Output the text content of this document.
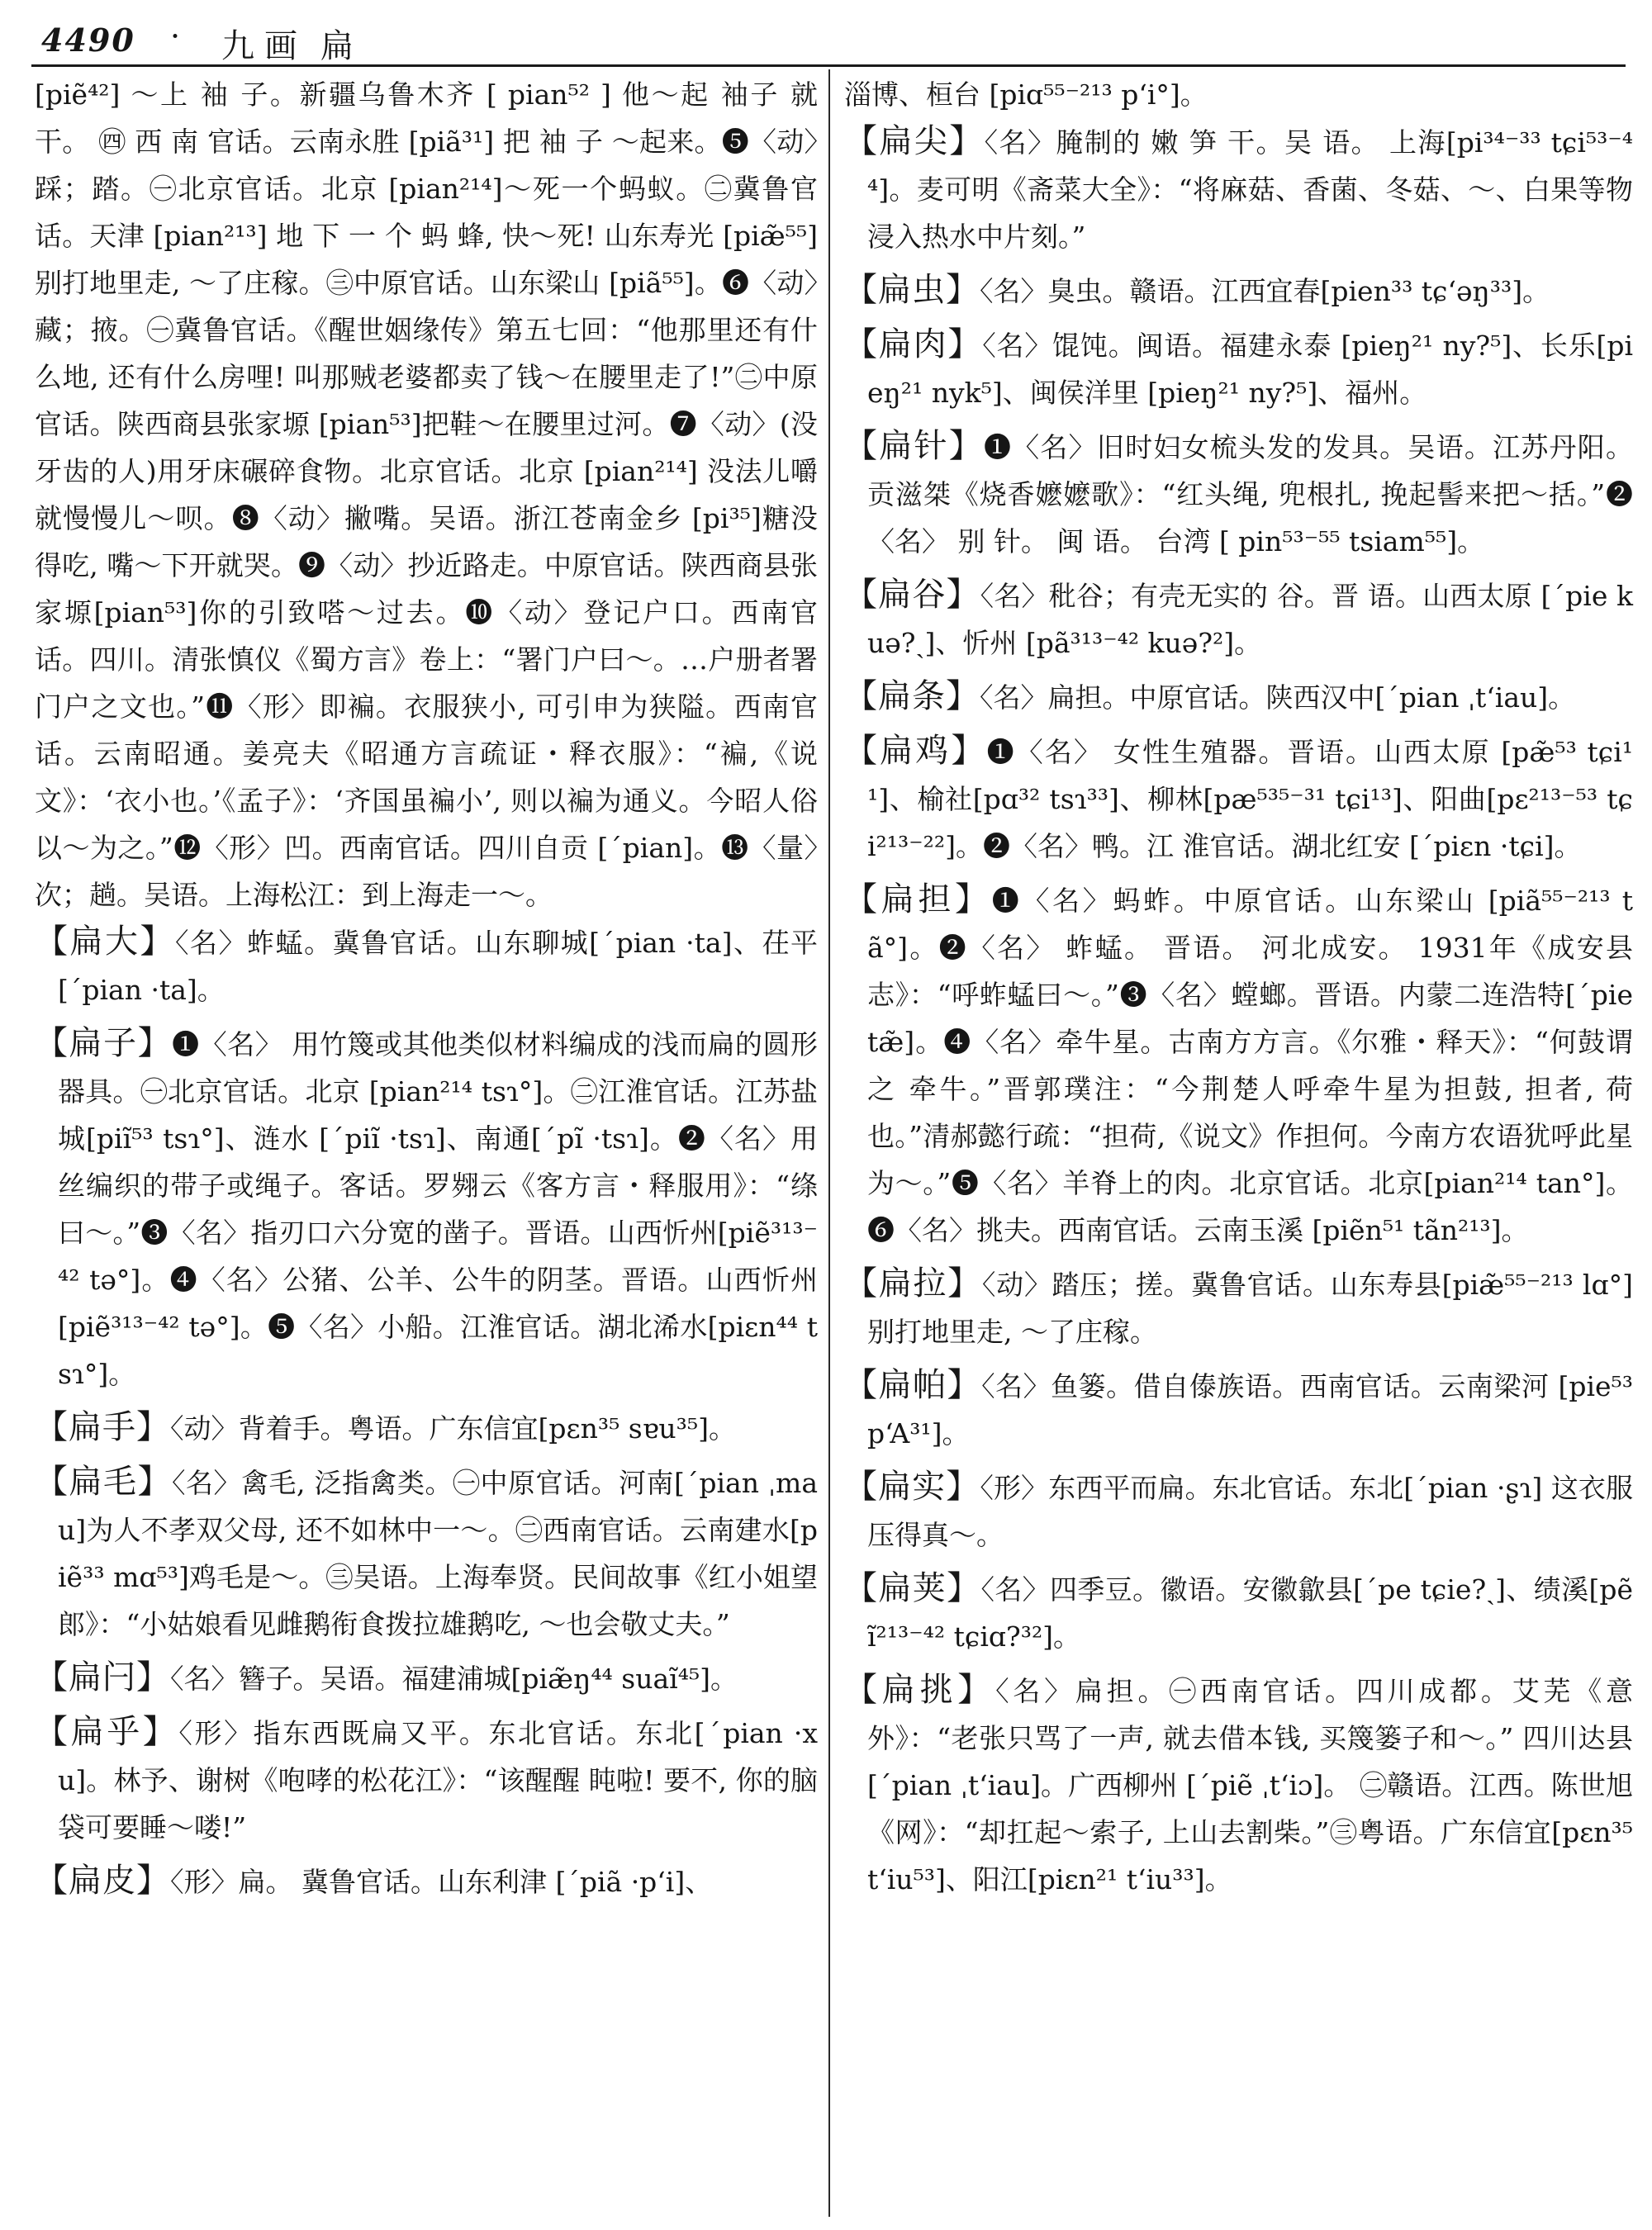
4490 · 九画 扁

[piẽ⁴²] ～上 袖 子。新疆乌鲁木齐 [ pian⁵² ] 他～起 袖子 就 干。 ㊃ 西 南 官话。云南永胜 [piã³¹] 把 袖 子 ～起来。❺〈动〉踩；踏。㊀北京官话。北京 [pian²¹⁴]～死一个蚂蚁。㊁冀鲁官话。天津 [pian²¹³] 地 下 一 个 蚂 蜂, 快～死! 山东寿光 [piæ̃⁵⁵]别打地里走, ～了庄稼。㊂中原官话。山东梁山 [piã⁵⁵]。❻〈动〉藏；掖。㊀冀鲁官话。《醒世姻缘传》第五七回：“他那里还有什么地, 还有什么房哩! 叫那贼老婆都卖了钱～在腰里走了!”㊁中原官话。陕西商县张家塬 [pian⁵³]把鞋～在腰里过河。❼〈动〉(没牙齿的人)用牙床碾碎食物。北京官话。北京 [pian²¹⁴] 没法儿嚼就慢慢儿～呗。❽〈动〉撇嘴。吴语。浙江苍南金乡 [pi³⁵]糖没得吃, 嘴～下开就哭。❾〈动〉抄近路走。中原官话。陕西商县张家塬[pian⁵³]你的引致嗒～过去。❿〈动〉登记户口。西南官话。四川。清张慎仪《蜀方言》卷上：“署门户曰～。…户册者署门户之文也。”⓫〈形〉即褊。衣服狭小, 可引申为狭隘。西南官话。云南昭通。姜亮夫《昭通方言疏证・释衣服》：“褊,《说文》：‘衣小也。’《孟子》：‘齐国虽褊小’, 则以褊为通义。今昭人俗以～为之。”⓬〈形〉凹。西南官话。四川自贡 [ˊpian]。⓭〈量〉次；趟。吴语。上海松江：到上海走一～。

【扁大】〈名〉蚱蜢。冀鲁官话。山东聊城[ˊpian ·ta]、茌平 [ˊpian ·ta]。

【扁子】❶〈名〉 用竹篾或其他类似材料编成的浅而扁的圆形器具。㊀北京官话。北京 [pian²¹⁴ tsɿ°]。㊁江淮官话。江苏盐城[piĩ⁵³ tsɿ°]、涟水 [ˊpiĩ ·tsɿ]、南通[ˊpĩ ·tsɿ]。❷〈名〉用丝编织的带子或绳子。客话。罗翙云《客方言・释服用》：“绦曰～。”❸〈名〉指刃口六分宽的凿子。晋语。山西忻州[piẽ³¹³⁻⁴² tə°]。❹〈名〉公猪、公羊、公牛的阴茎。晋语。山西忻州 [piẽ³¹³⁻⁴² tə°]。❺〈名〉小船。江淮官话。湖北浠水[piɛn⁴⁴ tsɿ°]。

【扁手】〈动〉背着手。粤语。广东信宜[pɛn³⁵ sɐu³⁵]。

【扁毛】〈名〉禽毛, 泛指禽类。㊀中原官话。河南[ˊpian ˌmau]为人不孝双父母, 还不如林中一～。㊁西南官话。云南建水[piẽ³³ mɑ⁵³]鸡毛是～。㊂吴语。上海奉贤。民间故事《红小姐望郎》：“小姑娘看见雌鹅衔食拨拉雄鹅吃, ～也会敬丈夫。”

【扁闩】〈名〉簪子。吴语。福建浦城[piæ̃ŋ⁴⁴ suaĩ⁴⁵]。

【扁乎】〈形〉指东西既扁又平。东北官话。东北[ˊpian ·xu]。林予、谢树《咆哮的松花江》：“该醒醒 盹啦! 要不, 你的脑袋可要睡～喽!”

【扁皮】〈形〉扁。 冀鲁官话。山东利津 [ˊpiã ·pʻi]、

淄博、桓台 [piɑ⁵⁵⁻²¹³ pʻi°]。

【扁尖】〈名〉腌制的 嫩 笋 干。吴 语。 上海[pi³⁴⁻³³ tɕi⁵³⁻⁴⁴]。麦可明《斋菜大全》：“将麻菇、香菌、冬菇、～、白果等物浸入热水中片刻。”

【扁虫】〈名〉臭虫。赣语。江西宜春[pien³³ tɕʻəŋ³³]。

【扁肉】〈名〉馄饨。闽语。福建永泰 [pieŋ²¹ ny?⁵]、长乐[pieŋ²¹ nyk⁵]、闽侯洋里 [pieŋ²¹ ny?⁵]、福州。

【扁针】❶〈名〉旧时妇女梳头发的发具。吴语。江苏丹阳。贡滋桀《烧香嬷嬷歌》：“红头绳, 兜根扎, 挽起髻来把～括。”❷〈名〉 别 针。 闽 语。 台湾 [ pin⁵³⁻⁵⁵ tsiam⁵⁵]。

【扁谷】〈名〉秕谷；有壳无实的 谷。晋 语。山西太原 [ˊpie kuə?ˏ]、忻州 [pã³¹³⁻⁴² kuə?²]。

【扁条】〈名〉扁担。中原官话。陕西汉中[ˊpian ˌtʻiau]。

【扁鸡】❶〈名〉 女性生殖器。晋语。山西太原 [pæ̃⁵³ tɕi¹¹]、榆社[pɑ³² tsɿ³³]、柳林[pæ⁵³⁵⁻³¹ tɕi¹³]、阳曲[pɛ²¹³⁻⁵³ tɕi²¹³⁻²²]。❷〈名〉鸭。江 淮官话。湖北红安 [ˊpiɛn ·tɕi]。

【扁担】❶〈名〉蚂蚱。中原官话。山东梁山 [piã⁵⁵⁻²¹³ tã°]。❷〈名〉 蚱蜢。 晋语。 河北成安。 1931年《成安县志》：“呼蚱蜢曰～。”❸〈名〉螳螂。晋语。内蒙二连浩特[ˊpie tæ̃]。❹〈名〉牵牛星。古南方方言。《尔雅・释天》：“何鼓谓 之 牵牛。”晋郭璞注：“今荆楚人呼牵牛星为担鼓, 担者, 荷也。”清郝懿行疏：“担荷,《说文》作担何。今南方农语犹呼此星为～。”❺〈名〉羊脊上的肉。北京官话。北京[pian²¹⁴ tan°]。❻〈名〉挑夫。西南官话。云南玉溪 [piẽn⁵¹ tãn²¹³]。

【扁拉】〈动〉踏压；搓。冀鲁官话。山东寿县[piæ̃⁵⁵⁻²¹³ lɑ°] 别打地里走, ～了庄稼。

【扁帕】〈名〉鱼篓。借自傣族语。西南官话。云南梁河 [pie⁵³ pʻA³¹]。

【扁实】〈形〉东西平而扁。东北官话。东北[ˊpian ·ʂɿ] 这衣服压得真～。

【扁荚】〈名〉四季豆。徽语。安徽歙县[ˊpe tɕie?ˏ]、绩溪[pẽĩ²¹³⁻⁴² tɕiɑ?³²]。

【扁挑】〈名〉扁担。㊀西南官话。四川成都。艾芜《意外》：“老张只骂了一声, 就去借本钱, 买篾篓子和～。” 四川达县[ˊpian ˌtʻiau]。广西柳州 [ˊpiẽ ˌtʻiɔ]。 ㊁赣语。江西。陈世旭《网》：“却扛起～索子, 上山去割柴。”㊂粤语。广东信宜[pɛn³⁵ tʻiu⁵³]、阳江[piɛn²¹ tʻiu³³]。
